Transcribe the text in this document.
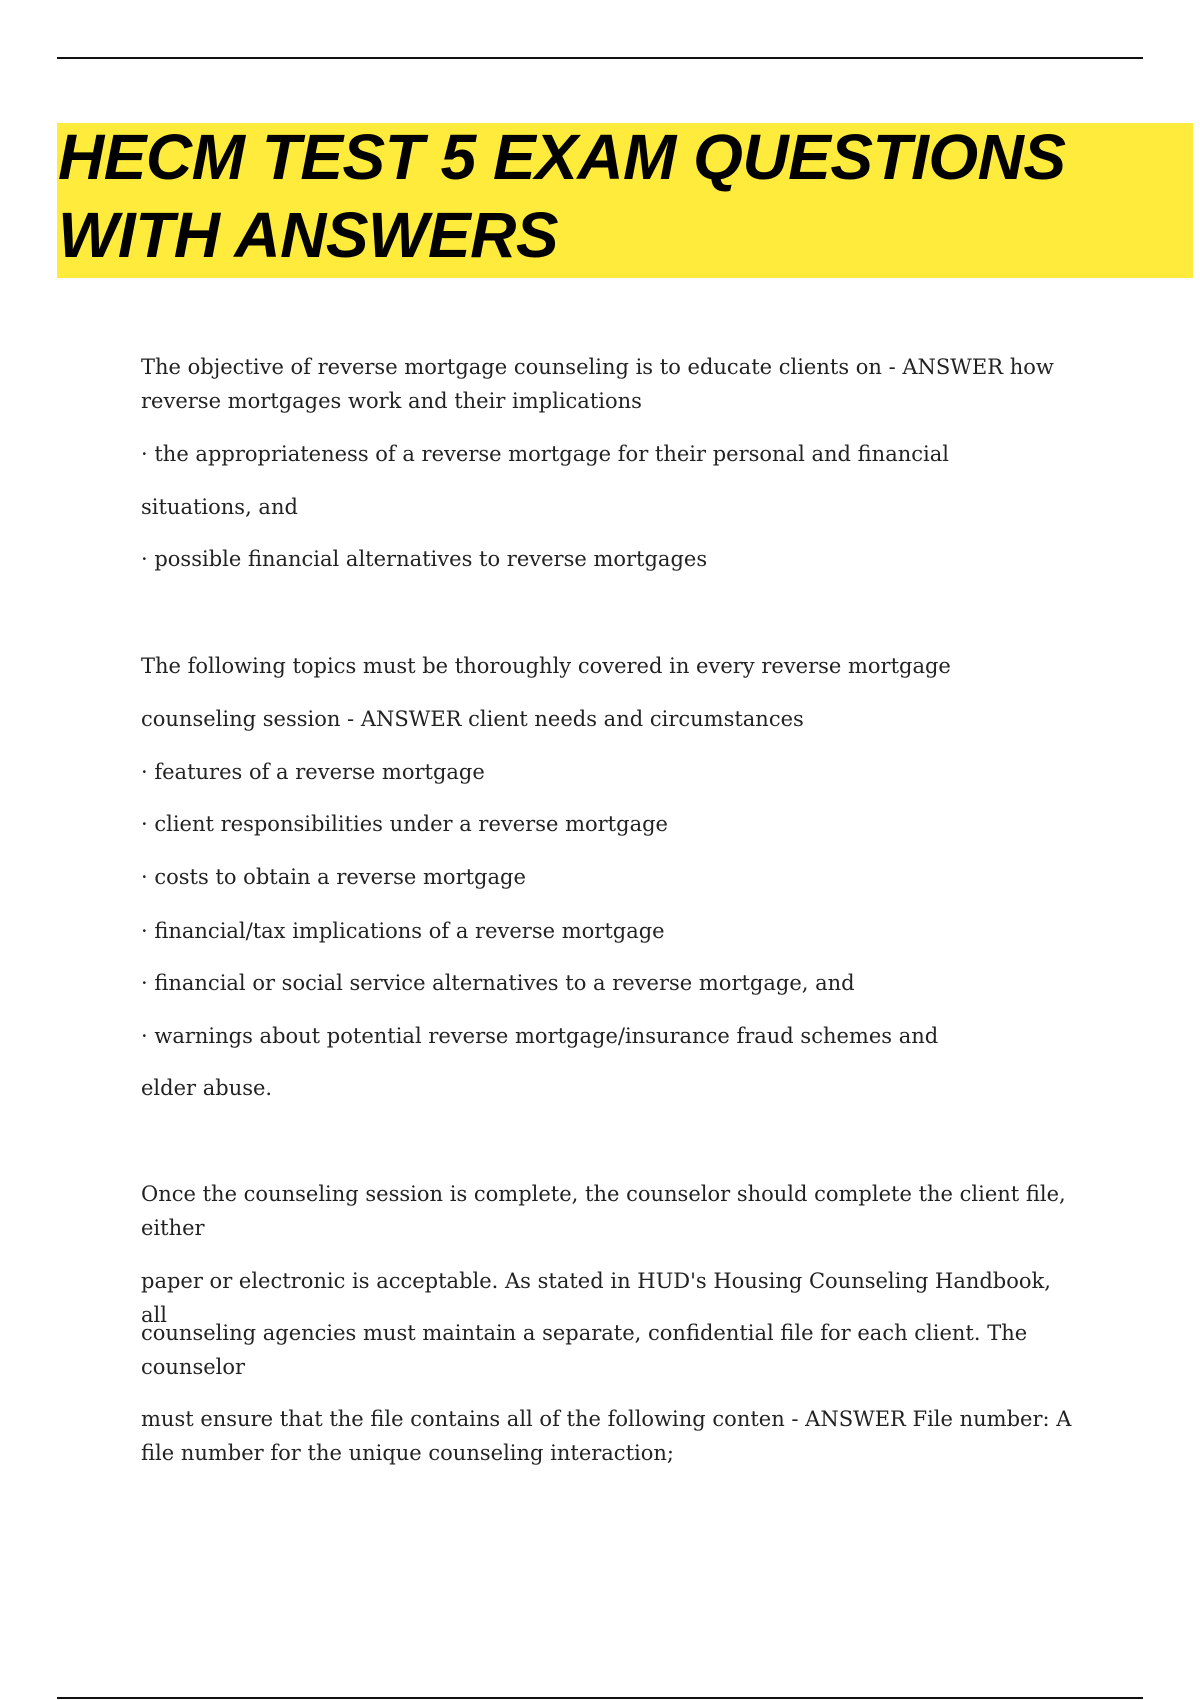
HECM TEST 5 EXAM QUESTIONS
WITH ANSWERS
The objective of reverse mortgage counseling is to educate clients on - ANSWER how reverse mortgages work and their implications
· the appropriateness of a reverse mortgage for their personal and financial
situations, and
· possible financial alternatives to reverse mortgages
The following topics must be thoroughly covered in every reverse mortgage
counseling session - ANSWER client needs and circumstances
· features of a reverse mortgage
· client responsibilities under a reverse mortgage
· costs to obtain a reverse mortgage
· financial/tax implications of a reverse mortgage
· financial or social service alternatives to a reverse mortgage, and
· warnings about potential reverse mortgage/insurance fraud schemes and
elder abuse.
Once the counseling session is complete, the counselor should complete the client file, either
paper or electronic is acceptable. As stated in HUD's Housing Counseling Handbook, all
counseling agencies must maintain a separate, confidential file for each client. The counselor
must ensure that the file contains all of the following conten - ANSWER File number: A file number for the unique counseling interaction;
